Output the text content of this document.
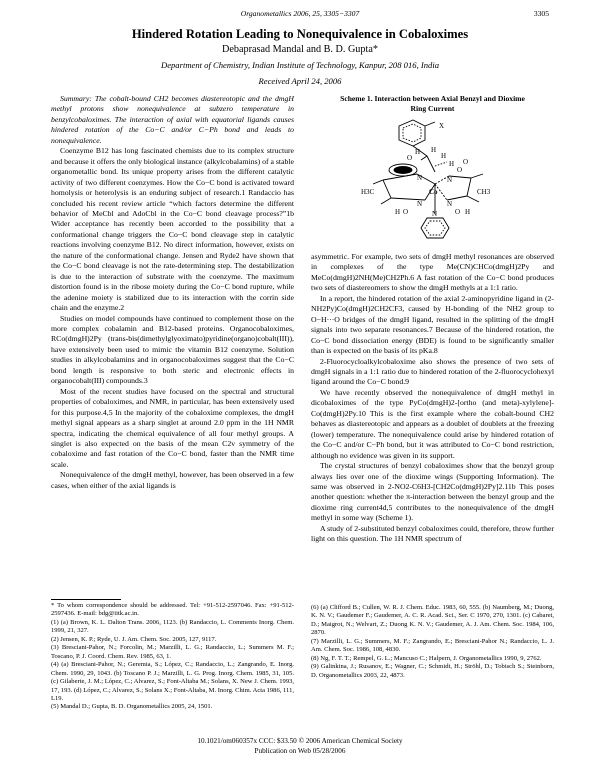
Organometallics 2006, 25, 3305−3307	3305
Hindered Rotation Leading to Nonequivalence in Cobaloximes
Debaprasad Mandal and B. D. Gupta*
Department of Chemistry, Indian Institute of Technology, Kanpur, 208 016, India
Received April 24, 2006

Summary: The cobalt-bound CH2 becomes diastereotopic and the dmgH methyl protons show nonequivalence at subzero temperature in benzylcobaloximes. The interaction of axial with equatorial ligands causes hindered rotation of the Co−C and/or C−Ph bond and leads to nonequivalence.

Coenzyme B12 has long fascinated chemists due to its complex structure and because it offers the only biological instance (alkylcobalamins) of a stable organometallic bond. Its unique property arises from the different catalytic activity of two different coenzymes. How the Co−C bond is activated toward homolysis or heterolysis is an enduring subject of research.1 Randaccio has concluded his recent review article “which factors determine the different behavior of MeCbl and AdoCbl in the Co−C bond cleavage process?”1b Wider acceptance has recently been accorded to the possibility that a conformational change triggers the Co−C bond cleavage step in catalytic reactions involving coenzyme B12. No direct information, however, exists on the nature of the conformational change. Jensen and Ryde2 have shown that the Co−C bond cleavage is not the rate-determining step. The destabilization is due to the interaction of substrate with the coenzyme. The maximum distortion found is in the ribose moiety during the Co−C bond rupture, while the adenine moiety is stabilized due to its interaction with the corrin side chain and the enzyme.2

Studies on model compounds have continued to complement those on the more complex cobalamin and B12-based proteins. Organocobaloximes, RCo(dmgH)2Py (trans-bis(dimethylglyoximato)pyridine(organo)cobalt(III)), have extensively been used to mimic the vitamin B12 coenzyme. Solution studies in alkylcobalamins and in organocobaloximes suggest that the Co−C bond length is responsive to both steric and electronic effects in organocobalt(III) compounds.3

Most of the recent studies have focused on the spectral and structural properties of cobaloximes, and NMR, in particular, has been extensively used for this purpose.4,5 In the majority of the cobaloxime complexes, the dmgH methyl signal appears as a sharp singlet at around 2.0 ppm in the 1H NMR spectra, indicating the chemical equivalence of all four methyl groups. A singlet is also expected on the basis of the mean C2v symmetry of the cobaloxime and fast rotation of the Co−C bond, faster than the NMR time scale.

Nonequivalence of the dmgH methyl, however, has been observed in a few cases, when either of the axial ligands is

Scheme 1. Interaction between Axial Benzyl and Dioxime
Ring Current
X
H
H
H
O
O
H
O
N	N
Co
H3C
N	N
H O	O
N	H
CH3

asymmetric. For example, two sets of dmgH methyl resonances are observed in complexes of the type Me(CN)CHCo(dmgH)2Py and MeCo(dmgH)2NH(Me)CH2Ph.6 A fast rotation of the Co−C bond produces two sets of diastereomers to show the dmgH methyls at a 1:1 ratio.

In a report, the hindered rotation of the axial 2-aminopyridine ligand in (2-NH2Py)Co(dmgH)2CH2CF3, caused by H-bonding of the NH2 group to O−H···O bridges of the dmgH ligand, resulted in the splitting of the dmgH signals into two separate resonances.7 Because of the hindered rotation, the Co−C bond dissociation energy (BDE) is found to be significantly smaller than is expected on the basis of its pKa.8

2-Fluorocycloalkylcobaloxime also shows the presence of two sets of dmgH signals in a 1:1 ratio due to hindered rotation of the 2-fluorocyclohexyl ligand around the Co−C bond.9

We have recently observed the nonequivalence of dmgH methyl in dicobaloximes of the type PyCo(dmgH)2-[ortho (and meta)-xylylene]-Co(dmgH)2Py.10 This is the first example where the cobalt-bound CH2 behaves as diastereotopic and appears as a doublet of doublets at the freezing (lower) temperature. The nonequivalence could arise by hindered rotation of the Co−C and/or C−Ph bond, but it was attributed to Co−C bond restriction, although no evidence was given in its support.

The crystal structures of benzyl cobaloximes show that the benzyl group always lies over one of the dioxime wings (Supporting Information). The same was observed in 2-NO2-C6H3-[CH2Co(dmgH)2Py]2.11b This poses another question: whether the π-interaction between the benzyl group and the dioxime ring current4d,5 contributes to the nonequivalence of the dmgH methyl in some way (Scheme 1).

A study of 2-substituted benzyl cobaloximes could, therefore, throw further light on this question. The 1H NMR spectrum of

* To whom correspondence should be addressed. Tel: +91-512-2597046. Fax: +91-512-2597436. E-mail: bdg@iitk.ac.in.

(1) (a) Brown, K. L. Dalton Trans. 2006, 1123. (b) Randaccio, L. Comments Inorg. Chem. 1999, 21, 327.

(2) Jensen, K. P.; Ryde, U. J. Am. Chem. Soc. 2005, 127, 9117.

(3) Bresciani-Pahor, N.; Forcolin, M.; Marzilli, L. G.; Randaccio, L.; Summers M. F.; Toscano, P. J. Coord. Chem. Rev. 1985, 63, 1.

(4) (a) Bresciani-Pahor, N.; Geremia, S.; López, C.; Randaccio, L.; Zangrando, E. Inorg. Chem. 1990, 29, 1043. (b) Toscano P. J.; Marzilli, L. G. Prog. Inorg. Chem. 1985, 31, 105. (c) Gilaberte, J. M.; López, C.; Alvarez, S.; Font-Altaba M.; Solans, X. New J. Chem. 1993, 17, 193. (d) López, C.; Alvarez, S.; Solans X.; Font-Altaba, M. Inorg. Chim. Acta 1986, 111, L19.

(5) Mandal D.; Gupta, B. D. Organometallics 2005, 24, 1501.

(6) (a) Clifford B.; Cullen, W. R. J. Chem. Educ. 1983, 60, 555. (b) Naumberg, M.; Duong, K. N. V.; Gaudemer F.; Gaudemer, A. C. R. Acad. Sci., Ser. C 1970, 270, 1301. (c) Cabaret, D.; Maigrot, N.; Welvart, Z.; Duong K. N. V.; Gaudemer, A. J. Am. Chem. Soc. 1984, 106, 2870.

(7) Marzilli, L. G.; Summers, M. F.; Zangrando, E.; Bresciani-Pahor N.; Randaccio, L. J. Am. Chem. Soc. 1986, 108, 4830.

(8) Ng, F. T. T.; Rempel, G. L.; Mancuso C.; Halpern, J. Organometallics 1990, 9, 2762.

(9) Galinkina, J.; Rusanov, E.; Wagner, C.; Schmidt, H.; Ströhl, D.; Tobisch S.; Steinborn, D. Organometallics 2003, 22, 4873.

10.1021/om060357x CCC: $33.50 © 2006 American Chemical Society
Publication on Web 05/28/2006
